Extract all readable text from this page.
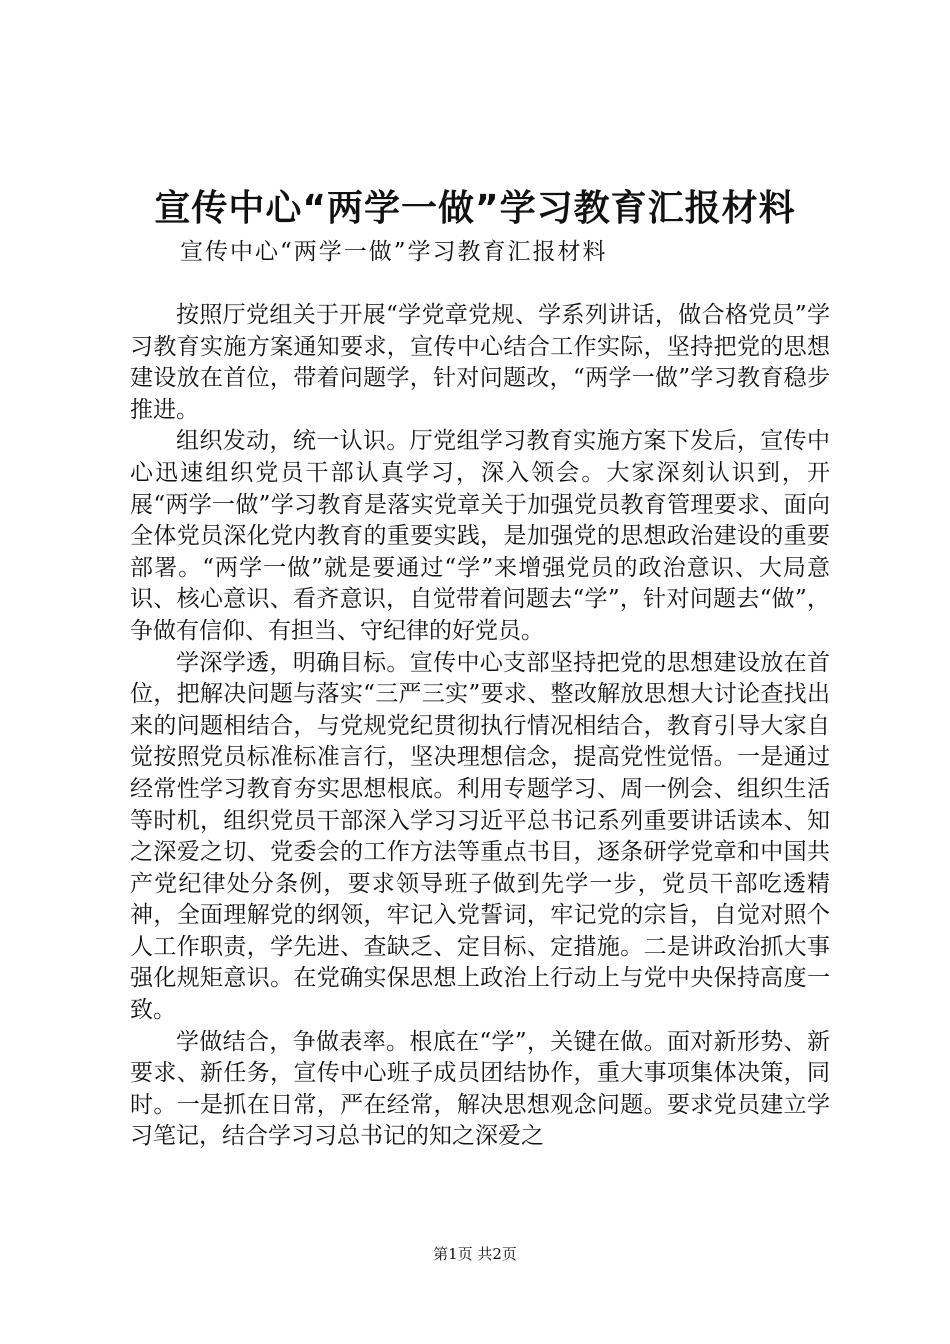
宣传中心“两学一做”学习教育汇报材料

宣传中心“两学一做”学习教育汇报材料

按照厅党组关于开展“学党章党规、学系列讲话，做合格党员”学习教育实施方案通知要求，宣传中心结合工作实际，坚持把党的思想建设放在首位，带着问题学，针对问题改，“两学一做”学习教育稳步推进。

组织发动，统一认识。厅党组学习教育实施方案下发后，宣传中心迅速组织党员干部认真学习，深入领会。大家深刻认识到，开展“两学一做”学习教育是落实党章关于加强党员教育管理要求、面向全体党员深化党内教育的重要实践，是加强党的思想政治建设的重要部署。“两学一做”就是要通过“学”来增强党员的政治意识、大局意识、核心意识、看齐意识，自觉带着问题去“学”，针对问题去“做”，争做有信仰、有担当、守纪律的好党员。

学深学透，明确目标。宣传中心支部坚持把党的思想建设放在首位，把解决问题与落实“三严三实”要求、整改解放思想大讨论查找出来的问题相结合，与党规党纪贯彻执行情况相结合，教育引导大家自觉按照党员标准标准言行，坚决理想信念，提高党性觉悟。一是通过经常性学习教育夯实思想根底。利用专题学习、周一例会、组织生活等时机，组织党员干部深入学习习近平总书记系列重要讲话读本、知之深爱之切、党委会的工作方法等重点书目，逐条研学党章和中国共产党纪律处分条例，要求领导班子做到先学一步，党员干部吃透精神，全面理解党的纲领，牢记入党誓词，牢记党的宗旨，自觉对照个人工作职责，学先进、查缺乏、定目标、定措施。二是讲政治抓大事强化规矩意识。在党确实保思想上政治上行动上与党中央保持高度一致。

学做结合，争做表率。根底在“学”，关键在做。面对新形势、新要求、新任务，宣传中心班子成员团结协作，重大事项集体决策，同时。一是抓在日常，严在经常，解决思想观念问题。要求党员建立学习笔记，结合学习习总书记的知之深爱之

第1页 共2页
